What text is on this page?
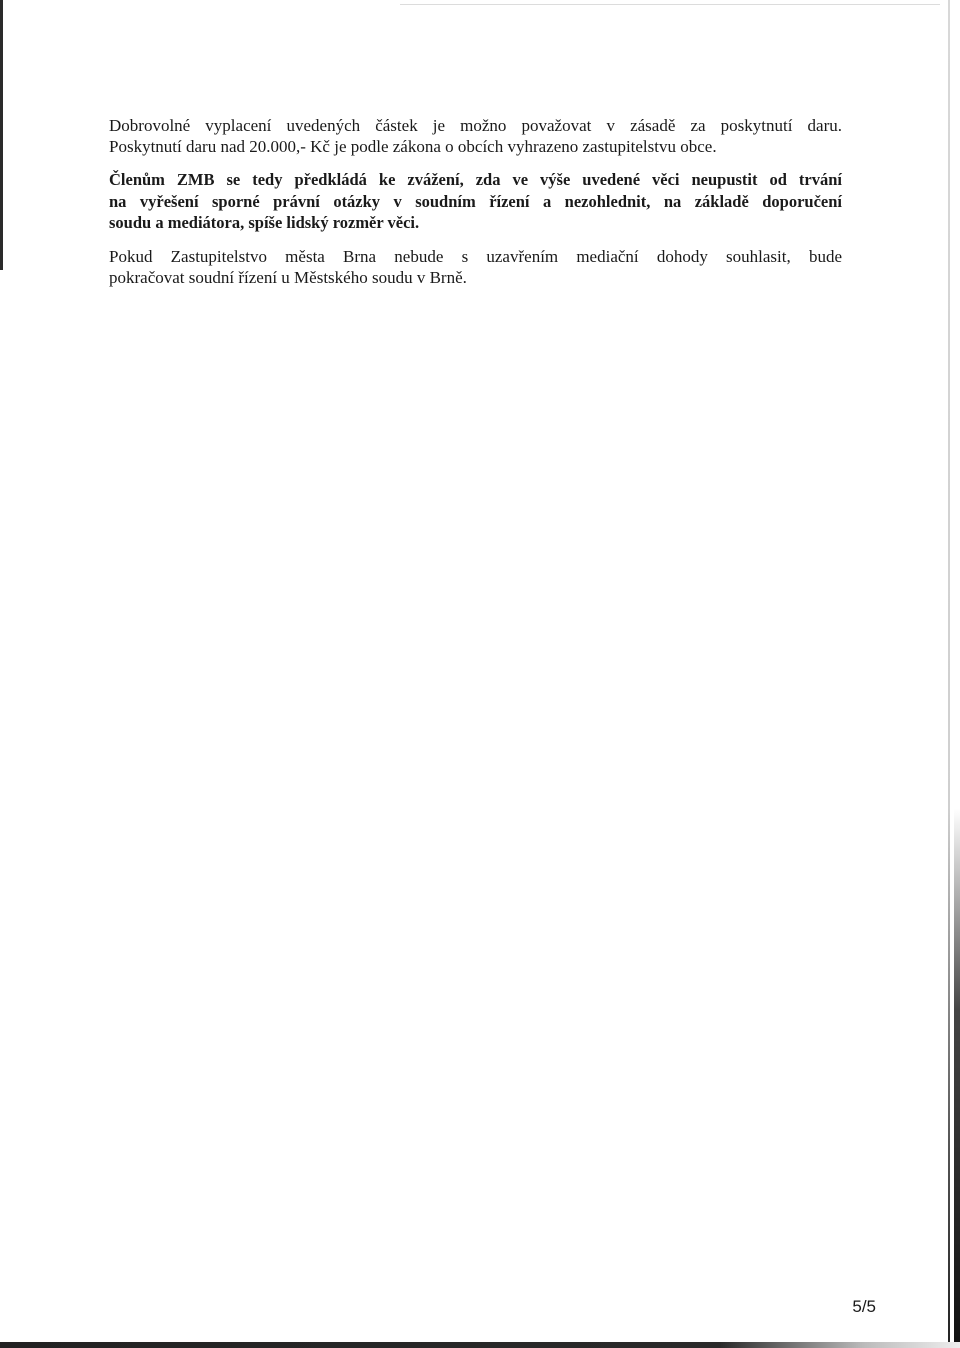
Dobrovolné vyplacení uvedených částek je možno považovat v zásadě za poskytnutí daru.
Poskytnutí daru nad 20.000,- Kč je podle zákona o obcích vyhrazeno zastupitelstvu obce.

Členům ZMB se tedy předkládá ke zvážení, zda ve výše uvedené věci neupustit od trvání
na vyřešení sporné právní otázky v soudním řízení a nezohlednit, na základě doporučení
soudu a mediátora, spíše lidský rozměr věci.

Pokud Zastupitelstvo města Brna nebude s uzavřením mediační dohody souhlasit, bude
pokračovat soudní řízení u Městského soudu v Brně.

5/5
